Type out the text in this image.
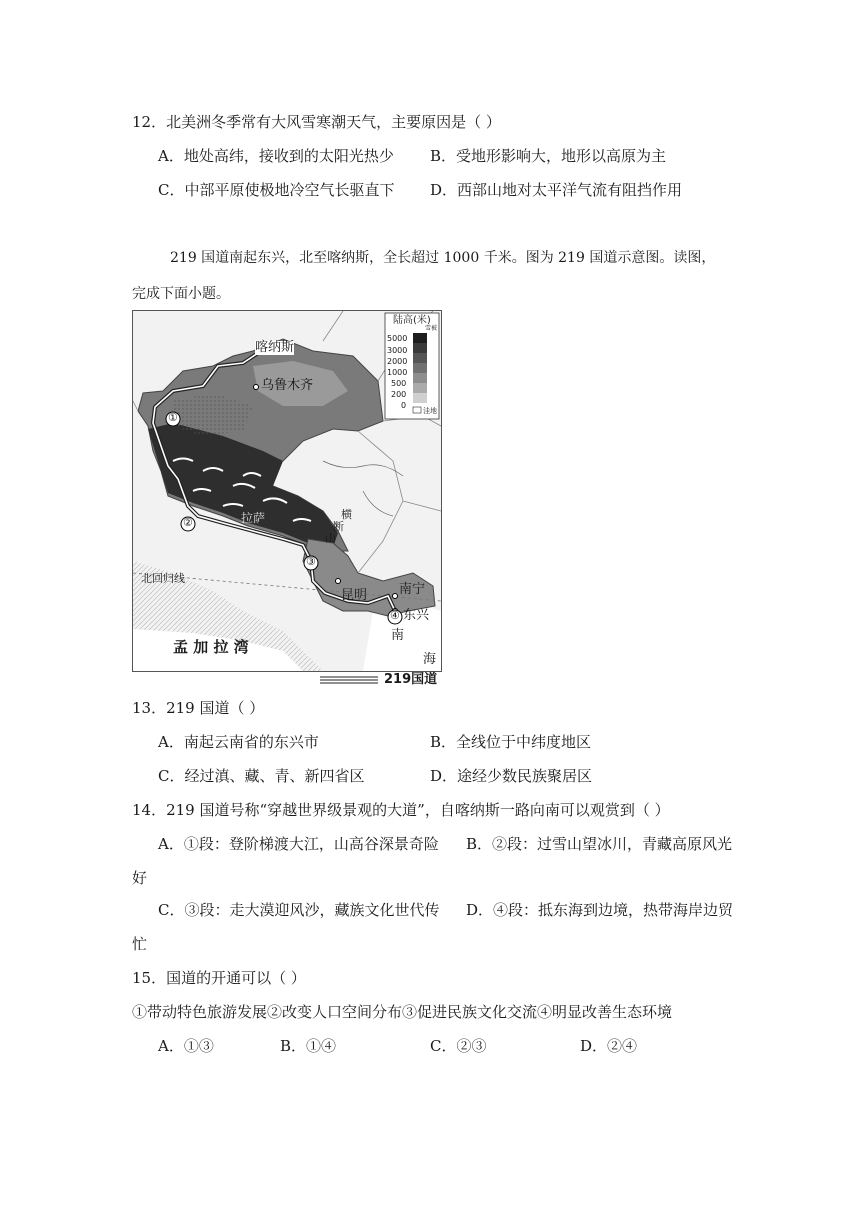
12．北美洲冬季常有大风雪寒潮天气，主要原因是（ ）
A．地处高纬，接收到的太阳光热少 B．受地形影响大，地形以高原为主
C．中部平原使极地冷空气长驱直下 D．西部山地对太平洋气流有阻挡作用
219 国道南起东兴，北至喀纳斯，全长超过 1000 千米。图为 219 国道示意图。读图，
完成下面小题。
喀纳斯
乌鲁木齐
拉萨	横
断
山
北回归线
昆明 南宁
东兴
南
海
孟 加 拉 湾
①
②
③
④
陆高(米)
雪被
5000
3000
2000
1000
500
200
0
洼地
219国道
13．219 国道（ ）
A．南起云南省的东兴市	B．全线位于中纬度地区
C．经过滇、藏、青、新四省区	D．途经少数民族聚居区
14．219 国道号称“穿越世界级景观的大道”，自喀纳斯一路向南可以观赏到（ ）
A．①段：登阶梯渡大江，山高谷深景奇险 B．②段：过雪山望冰川，青藏高原风光
好
C．③段：走大漠迎风沙，藏族文化世代传 D．④段：抵东海到边境，热带海岸边贸
忙
15．国道的开通可以（ ）
①带动特色旅游发展②改变人口空间分布③促进民族文化交流④明显改善生态环境
A．①③	B．①④	C．②③	D．②④
